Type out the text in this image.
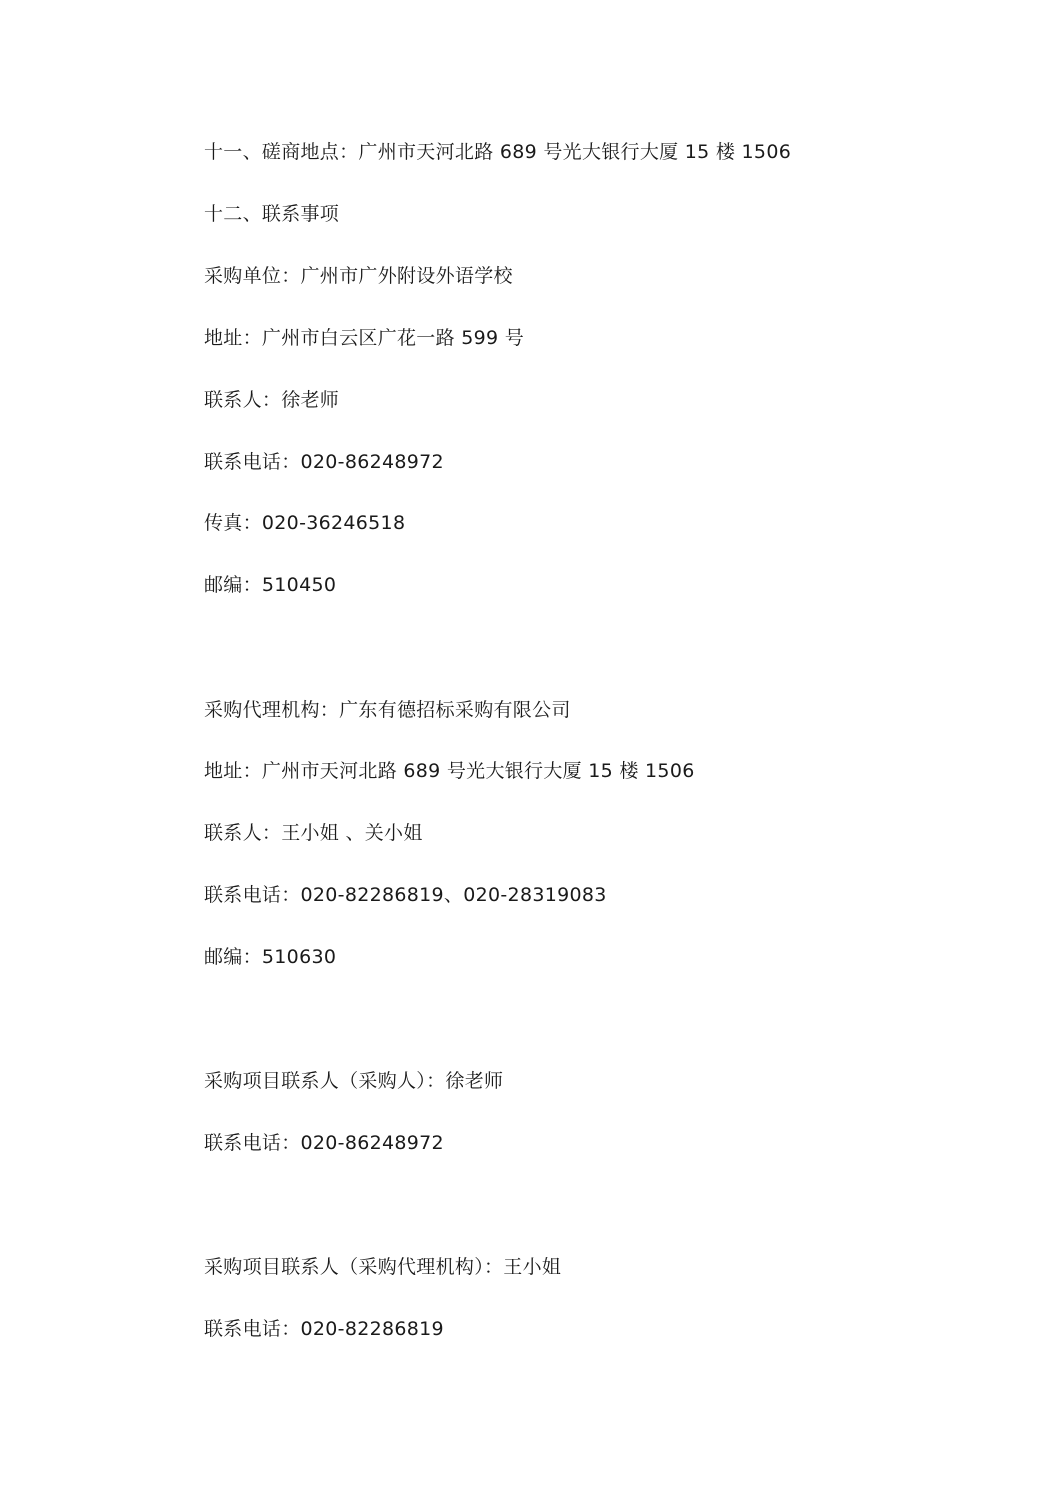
十一、磋商地点：广州市天河北路 689 号光大银行大厦 15 楼 1506
十二、联系事项
采购单位：广州市广外附设外语学校
地址：广州市白云区广花一路 599 号
联系人：徐老师
联系电话：020-86248972
传真：020-36246518
邮编：510450
采购代理机构：广东有德招标采购有限公司
地址：广州市天河北路 689 号光大银行大厦 15 楼 1506
联系人：王小姐 、关小姐
联系电话：020-82286819、020-28319083
邮编：510630
采购项目联系人（采购人）：徐老师
联系电话：020-86248972
采购项目联系人（采购代理机构）：王小姐
联系电话：020-82286819
